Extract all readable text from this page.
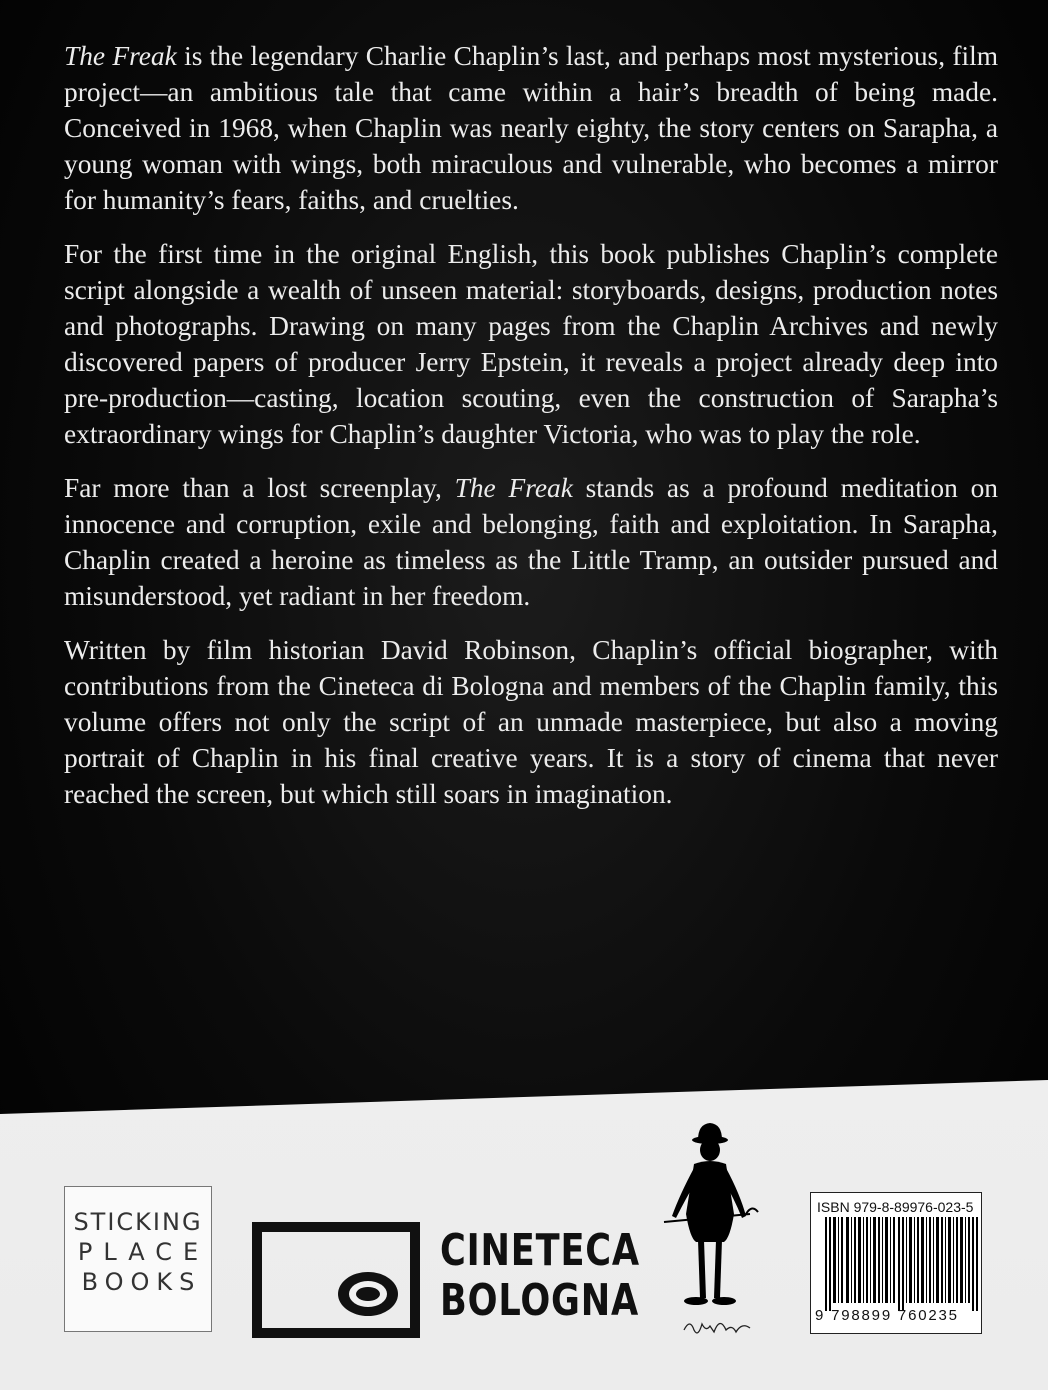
The Freak is the legendary Charlie Chaplin’s last, and perhaps most mysterious, film project—an ambitious tale that came within a hair’s breadth of being made. Conceived in 1968, when Chaplin was nearly eighty, the story centers on Sarapha, a young woman with wings, both miraculous and vulnerable, who becomes a mirror for humanity’s fears, faiths, and cruelties.

For the first time in the original English, this book publishes Chaplin’s complete script alongside a wealth of unseen material: storyboards, designs, production notes and photographs. Drawing on many pages from the Chaplin Archives and newly discovered papers of producer Jerry Epstein, it reveals a project already deep into pre-production—casting, location scouting, even the construction of Sarapha’s extraordinary wings for Chaplin’s daughter Victoria, who was to play the role.

Far more than a lost screenplay, The Freak stands as a profound meditation on innocence and corruption, exile and belonging, faith and exploitation. In Sarapha, Chaplin created a heroine as timeless as the Little Tramp, an outsider pursued and misunderstood, yet radiant in her freedom.

Written by film historian David Robinson, Chaplin’s official biographer, with contributions from the Cineteca di Bologna and members of the Chaplin family, this volume offers not only the script of an unmade masterpiece, but also a moving portrait of Chaplin in his final creative years. It is a story of cinema that never reached the screen, but which still soars in imagination.

STICKING
PLACE
BOOKS
CINETECA
BOLOGNA
ISBN 979-8-89976-023-5
9 798899 760235
